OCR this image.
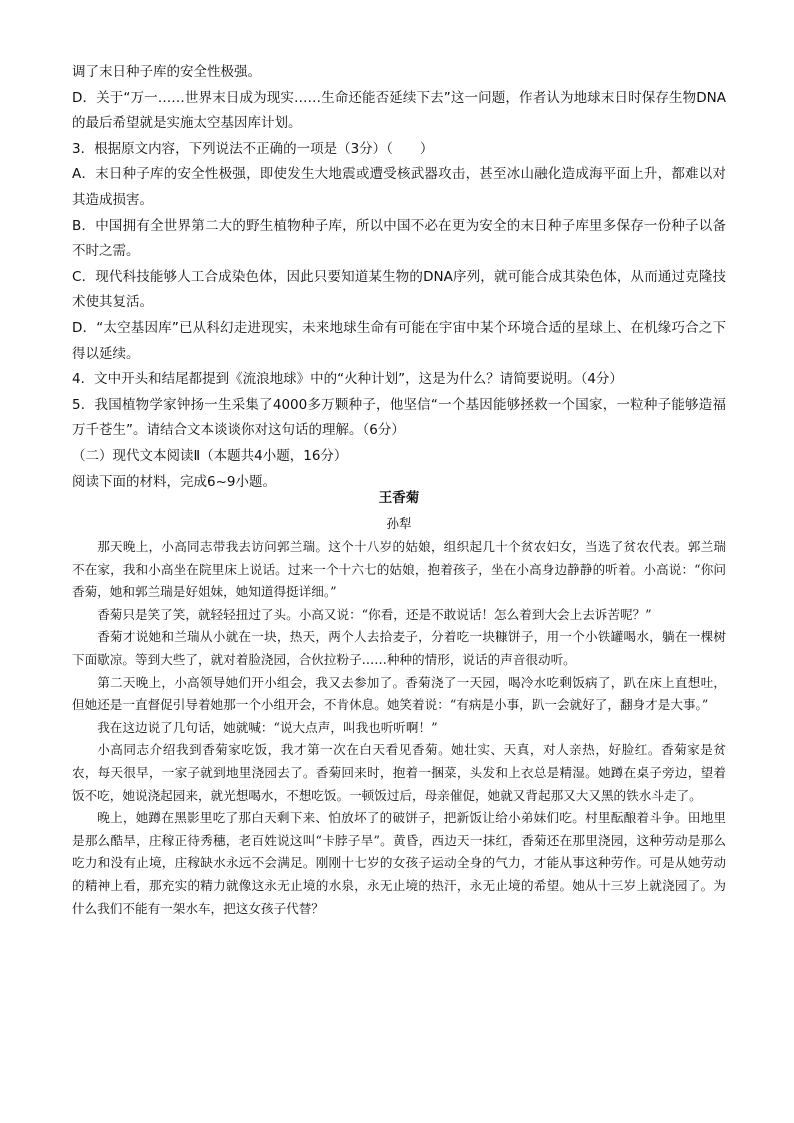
调了末日种子库的安全性极强。

D．关于“万一……世界末日成为现实……生命还能否延续下去”这一问题，作者认为地球末日时保存生物DNA的最后希望就是实施太空基因库计划。

3．根据原文内容，下列说法不正确的一项是（3分）（　　）

A．末日种子库的安全性极强，即使发生大地震或遭受核武器攻击，甚至冰山融化造成海平面上升，都难以对其造成损害。

B．中国拥有全世界第二大的野生植物种子库，所以中国不必在更为安全的末日种子库里多保存一份种子以备不时之需。

C．现代科技能够人工合成染色体，因此只要知道某生物的DNA序列，就可能合成其染色体，从而通过克隆技术使其复活。

D．“太空基因库”已从科幻走进现实，未来地球生命有可能在宇宙中某个环境合适的星球上、在机缘巧合之下得以延续。

4．文中开头和结尾都提到《流浪地球》中的“火种计划”，这是为什么？请简要说明。（4分）

5．我国植物学家钟扬一生采集了4000多万颗种子，他坚信“一个基因能够拯救一个国家，一粒种子能够造福万千苍生”。请结合文本谈谈你对这句话的理解。（6分）

（二）现代文本阅读Ⅱ（本题共4小题，16分）

阅读下面的材料，完成6~9小题。

王香菊
孙犁

那天晚上，小高同志带我去访问郭兰瑞。这个十八岁的姑娘，组织起几十个贫农妇女，当选了贫农代表。郭兰瑞不在家，我和小高坐在院里床上说话。过来一个十六七的姑娘，抱着孩子，坐在小高身边静静的听着。小高说：“你问香菊，她和郭兰瑞是好姐妹，她知道得挺详细。”

香菊只是笑了笑，就轻轻扭过了头。小高又说：“你看，还是不敢说话！怎么着到大会上去诉苦呢？”

香菊才说她和兰瑞从小就在一块，热天，两个人去拾麦子，分着吃一块糠饼子，用一个小铁罐喝水，躺在一棵树下面歇凉。等到大些了，就对着脸浇园，合伙拉粉子……种种的情形，说话的声音很动听。

第二天晚上，小高领导她们开小组会，我又去参加了。香菊浇了一天园，喝冷水吃剩饭病了，趴在床上直想吐，但她还是一直督促引导着她那一个小组开会，不肯休息。她笑着说：“有病是小事，趴一会就好了，翻身才是大事。”

我在这边说了几句话，她就喊：“说大点声，叫我也听听啊！”

小高同志介绍我到香菊家吃饭，我才第一次在白天看见香菊。她壮实、天真，对人亲热，好脸红。香菊家是贫农，每天很早，一家子就到地里浇园去了。香菊回来时，抱着一捆菜，头发和上衣总是精湿。她蹲在桌子旁边，望着饭不吃，她说浇起园来，就光想喝水，不想吃饭。一顿饭过后，母亲催促，她就又背起那又大又黑的铁水斗走了。

晚上，她蹲在黑影里吃了那白天剩下来、怕放坏了的破饼子，把新饭让给小弟妹们吃。村里酝酿着斗争。田地里是那么酷旱，庄稼正待秀穗，老百姓说这叫“卡脖子旱”。黄昏，西边天一抹红，香菊还在那里浇园，这种劳动是那么吃力和没有止境，庄稼缺水永远不会满足。刚刚十七岁的女孩子运动全身的气力，才能从事这种劳作。可是从她劳动的精神上看，那充实的精力就像这永无止境的水泉，永无止境的热汗，永无止境的希望。她从十三岁上就浇园了。为什么我们不能有一架水车，把这女孩子代替？
